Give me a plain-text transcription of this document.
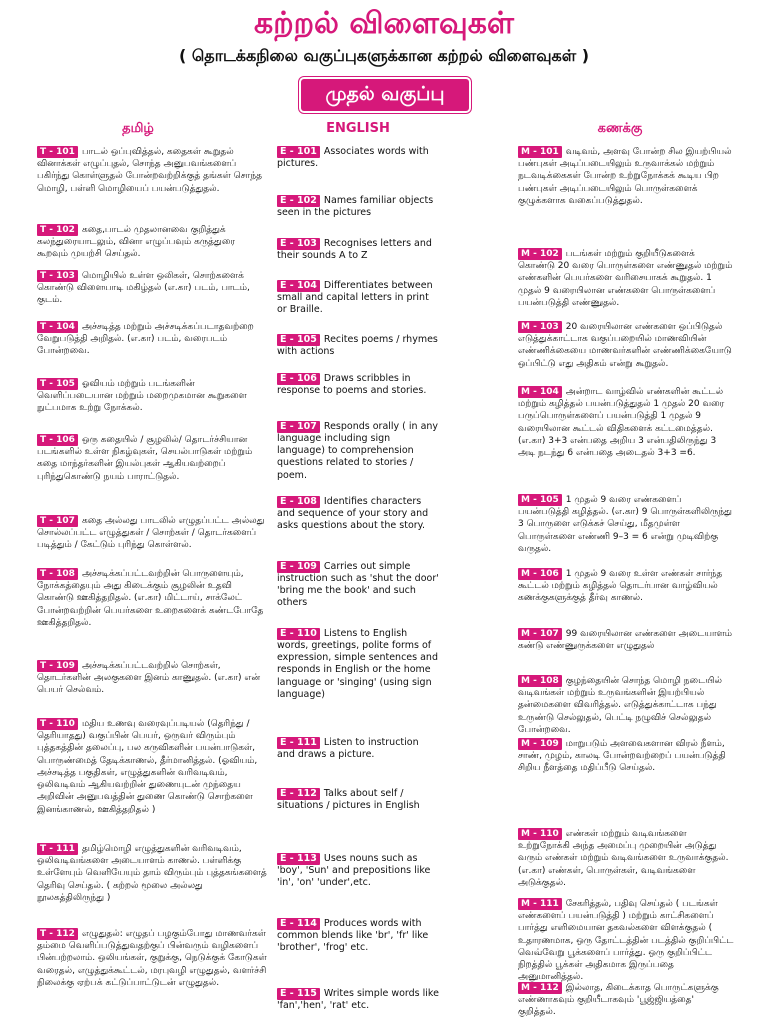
கற்றல் விளைவுகள்
( தொடக்கநிலை வகுப்புகளுக்கான கற்றல் விளைவுகள் )
முதல் வகுப்பு
தமிழ்	ENGLISH	கணக்கு
T - 101 பாடல் ஒப்புவித்தல், கதைகள் கூறுதல் வினாக்கள் எழுப்புதல், சொந்த அனுபவங்களைப் பகிர்ந்து கொள்ளுதல் போன்றவற்றிக்குத் தங்கள் சொந்த மொழி, பள்ளி மொழியைப் பயன்படுத்துதல்.
T - 102 கதை,பாடல் முதலானவை குறித்துக் கலந்துரையாடலும், வினா எழுப்பவும் கருத்துரை கூறவும் முயற்சி செய்தல்.
T - 103 மொழியில் உள்ள ஒலிகள், சொற்களைக் கொண்டு விளையாடி மகிழ்தல் (எ.கா) படம், பாடம், குடம்.
T - 104 அச்சடித்த மற்றும் அச்சடிக்கப்படாதவற்றை வேறுபடுத்தி அறிதல். (எ.கா) படம், வரைபடம் போன்றவை.
T - 105 ஓவியம் மற்றும் படங்களின் வெளிப்படையான மற்றும் மறைமுகமான கூறுகளை நுட்பமாக உற்று நோக்கல்.
T - 106 ஒரு கதையில் / சூழலில்/ தொடர்ச்சியான படங்களில் உள்ள நிகழ்வுகள், செயல்பாடுகள் மற்றும் கதை மாந்தர்களின் இயல்புகள் ஆகியவற்றைப் புரிந்துகொண்டு நயம் பாராட்டுதல்.
T - 107 கதை அல்லது பாடலில் எழுதப்பட்ட அல்லது சொல்லப்பட்ட எழுத்துகள் / சொற்கள் / தொடர்களைப் படித்தும் / கேட்டும் புரிந்து கொள்ளல்.
T - 108 அச்சடிக்கப்பட்டவற்றின் பொருளையும், நோக்கத்தையும் அது கிடைக்கும் சூழலின் உதவி கொண்டு ஊகித்தறிதல். (எ.கா) மிட்டாய், சாக்லேட் போன்றவற்றின் பெயர்களை உறைகளைக் கண்டபோதே ஊகித்தறிதல்.
T - 109 அச்சடிக்கப்பட்டவற்றில் சொற்கள், தொடர்களின் அலகுகளை இனம் காணுதல். (எ.கா) என் பெயர் செல்வம்.
T - 110 மதிய உணவு வரைவுப்படியல் (தெரிந்து / தெரியாதது) வகுப்பின் பெயர், ஒருவர் விரும்பும் புத்தகத்தின் தலைப்பு, பல கருவிகளின் பயன்பாடுகள், பொருண்மைத் தேடிக்காணல், தீர்மானித்தல். (ஓவியம், அச்சடித்த பகுதிகள், எழுத்துகளின் வரிவடிவம், ஒலிவடிவம் ஆகியவற்றின் துணையுடன் முந்தைய அறிவின் அனுபவத்தின் துணை கொண்டு சொற்களை இனங்காணல், ஊகித்தறிதல் )
T - 111 தமிழ்மொழி எழுத்துகளின் வரிவடிவம், ஒலிவடிவங்களை அடையாளம் காணல். பள்ளிக்கு உள்ளேயும் வெளியேயும் தாம் விரும்பும் புத்தகங்களைத் தெரிவு செய்தல். ( கற்றல் மூலை அல்லது நூலகத்திலிருந்து )
T - 112 எழுதுதல்: எழுதப் பழகும்போது மாணவர்கள் தம்மை வெளிப்படுத்துவதற்குப் பின்வரும் வழிகளைப் பின்பற்றலாம். ஒலியங்கள், குறுக்கு, நெடுக்குக் கோடுகள் வரைதல், எழுத்துக்கூட்டல், மரபுவழி எழுதுதல், வளர்ச்சி நிலைக்கு ஏற்பக் கட்டுப்பாட்டுடன் எழுதுதல்.
E - 101 Associates words with pictures.
E - 102 Names familiar objects seen in the pictures
E - 103 Recognises letters and their sounds A to Z
E - 104 Differentiates between small and capital letters in print or Braille.
E - 105 Recites poems / rhymes with actions
E - 106 Draws scribbles in response to poems and stories.
E - 107 Responds orally ( in any language including sign language) to comprehension questions related to stories / poem.
E - 108 Identifies characters and sequence of your story and asks questions about the story.
E - 109 Carries out simple instruction such as 'shut the door' 'bring me the book' and such others
E - 110 Listens to English words, greetings, polite forms of expression, simple sentences and responds in English or the home language or 'singing' (using sign language)
E - 111 Listen to instruction and draws a picture.
E - 112 Talks about self / situations / pictures in English
E - 113 Uses nouns such as 'boy', 'Sun' and prepositions like 'in', 'on' 'under',etc.
E - 114 Produces words with common blends like 'br', 'fr' like 'brother', 'frog' etc.
E - 115 Writes simple words like 'fan','hen', 'rat' etc.
M - 101 வடிவம், அளவு போன்ற சில இயற்பியல் பண்புகள் அடிப்படையிலும் உருவாக்கல் மற்றும் நடவடிக்கைகள் போன்ற உற்றுநோக்கக் கூடிய பிற பண்புகள் அடிப்படையிலும் பொருள்களைக் குழுக்களாக வகைப்படுத்துதல்.
M - 102 படங்கள் மற்றும் குறியீடுகளைக் கொண்டு 20 வரை பொருள்களை எண்ணுதல் மற்றும் எண்களின் பெயர்களை வரிசையாகக் கூறுதல். 1 முதல் 9 வரையிலான எண்களை பொருள்களைப் பயன்படுத்தி எண்ணுதல்.
M - 103 20 வரையிலான எண்களை ஒப்பிடுதல் எடுத்துக்காட்டாக வகுப்பறையில் மாணவியின் எண்ணிக்கையை மாணவர்களின் எண்ணிக்கையோடு ஒப்பிட்டு எது அதிகம் என்று கூறுதல்.
M - 104 அன்றாட வாழ்வில் எண்களின் கூட்டல் மற்றும் கழித்தல் பயன்படுத்துதல் 1 முதல் 20 வரை பருப்பொருள்களைப் பயன்படுத்தி 1 முதல் 9 வரையிலான கூட்டல் விதிகளைக் கட்டமைத்தல். (எ.கா) 3+3 என்பதை அறிய 3 என்பதிலிருந்து 3 அடி நடந்து 6 என்பதை அடைதல் 3+3 =6.
M - 105 1 முதல் 9 வரை எண்களைப் பயன்படுத்தி கழித்தல். (எ.கா) 9 பொருள்களிலிருந்து 3 பொருளை எடுக்கச் செய்து, மீதமுள்ள பொருள்களை எண்ணி 9–3 = 6 என்று முடிவிற்கு வருதல்.
M - 106 1 முதல் 9 வரை உள்ள எண்கள் சார்ந்த கூட்டல் மற்றும் கழித்தல் தொடர்பான வாழ்வியல் கணக்குகளுக்குத் தீர்வு காணல்.
M - 107 99 வரையிலான எண்களை அடையாளம் கண்டு எண்ணுருக்களை எழுதுதல்
M - 108 குழந்தையின் சொந்த மொழி நடையில் வடிவங்கள் மற்றும் உருவங்களின் இயற்பியல் தன்மைகளை விவரித்தல். எடுத்துக்காட்டாக பந்து உருண்டு செல்லுதல், பெட்டி நழுவிச் செல்லுதல் போன்றவை.
M - 109 மாறுபடும் அளவைகளான விரல் நீளம், சாண், முழம், காலடி போன்றவற்றைப் பயன்படுத்தி சிறிய நீளத்தை மதிப்பீடு செய்தல்.
M - 110 எண்கள் மற்றும் வடிவங்களை உற்றுநோக்கி அந்த அமைப்பு முறையின் அடுத்து வரும் எண்கள் மற்றும் வடிவங்களை உருவாக்குதல். (எ.கா) எண்கள், பொருள்கள், வடிவங்களை அடுக்குதல்.
M - 111 சேகரித்தல், பதிவு செய்தல் ( படங்கள் எண்களைப் பயன்படுத்தி ) மற்றும் காட்சிகளைப் பார்த்து எளிமையான தகவல்களை விளக்குதல் ( உதாரணமாக, ஒரு தோட்டத்தின் படத்தில் குறிப்பிட்ட வெவ்வேறு பூக்களைப் பார்த்து. ஒரு குறிப்பிட்ட நிறத்தில் பூக்கள் அதிகமாக இருப்பதை அனுமானித்தல்.
M - 112 இல்லாத, கிடைக்காத பொருட்களுக்கு எண்ணாகவும் குறியீடாகவும் 'பூஜ்ஜியத்தை' குறித்தல்.
